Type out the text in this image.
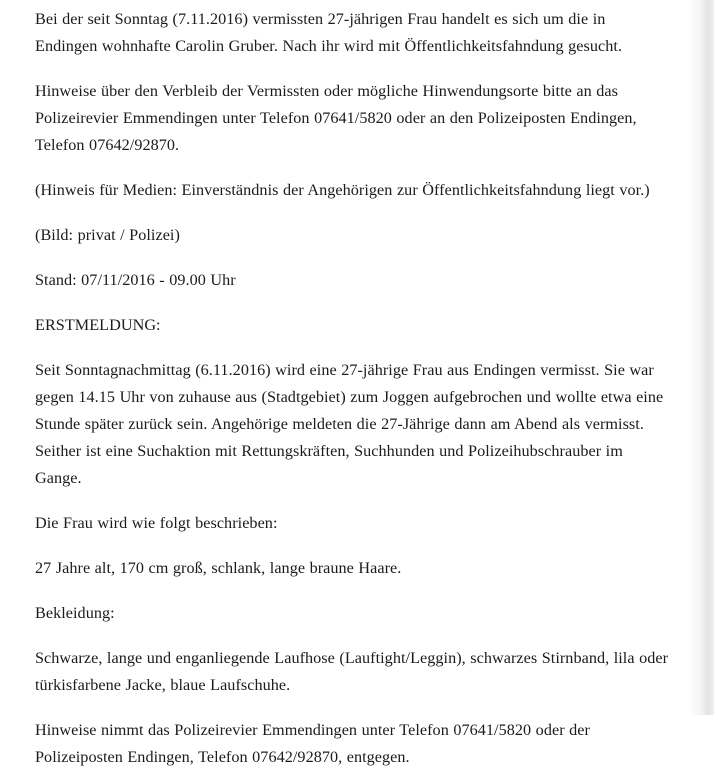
Bei der seit Sonntag (7.11.2016) vermissten 27-jährigen Frau handelt es sich um die in Endingen wohnhafte Carolin Gruber. Nach ihr wird mit Öffentlichkeitsfahndung gesucht.

Hinweise über den Verbleib der Vermissten oder mögliche Hinwendungsorte bitte an das Polizeirevier Emmendingen unter Telefon 07641/5820 oder an den Polizeiposten Endingen, Telefon 07642/92870.

(Hinweis für Medien: Einverständnis der Angehörigen zur Öffentlichkeitsfahndung liegt vor.)

(Bild: privat / Polizei)

Stand: 07/11/2016 - 09.00 Uhr

ERSTMELDUNG:

Seit Sonntagnachmittag (6.11.2016) wird eine 27-jährige Frau aus Endingen vermisst. Sie war gegen 14.15 Uhr von zuhause aus (Stadtgebiet) zum Joggen aufgebrochen und wollte etwa eine Stunde später zurück sein. Angehörige meldeten die 27-Jährige dann am Abend als vermisst. Seither ist eine Suchaktion mit Rettungskräften, Suchhunden und Polizeihubschrauber im Gange.

Die Frau wird wie folgt beschrieben:

27 Jahre alt, 170 cm groß, schlank, lange braune Haare.

Bekleidung:

Schwarze, lange und enganliegende Laufhose (Lauftight/Leggin), schwarzes Stirnband, lila oder türkisfarbene Jacke, blaue Laufschuhe.

Hinweise nimmt das Polizeirevier Emmendingen unter Telefon 07641/5820 oder der Polizeiposten Endingen, Telefon 07642/92870, entgegen.
